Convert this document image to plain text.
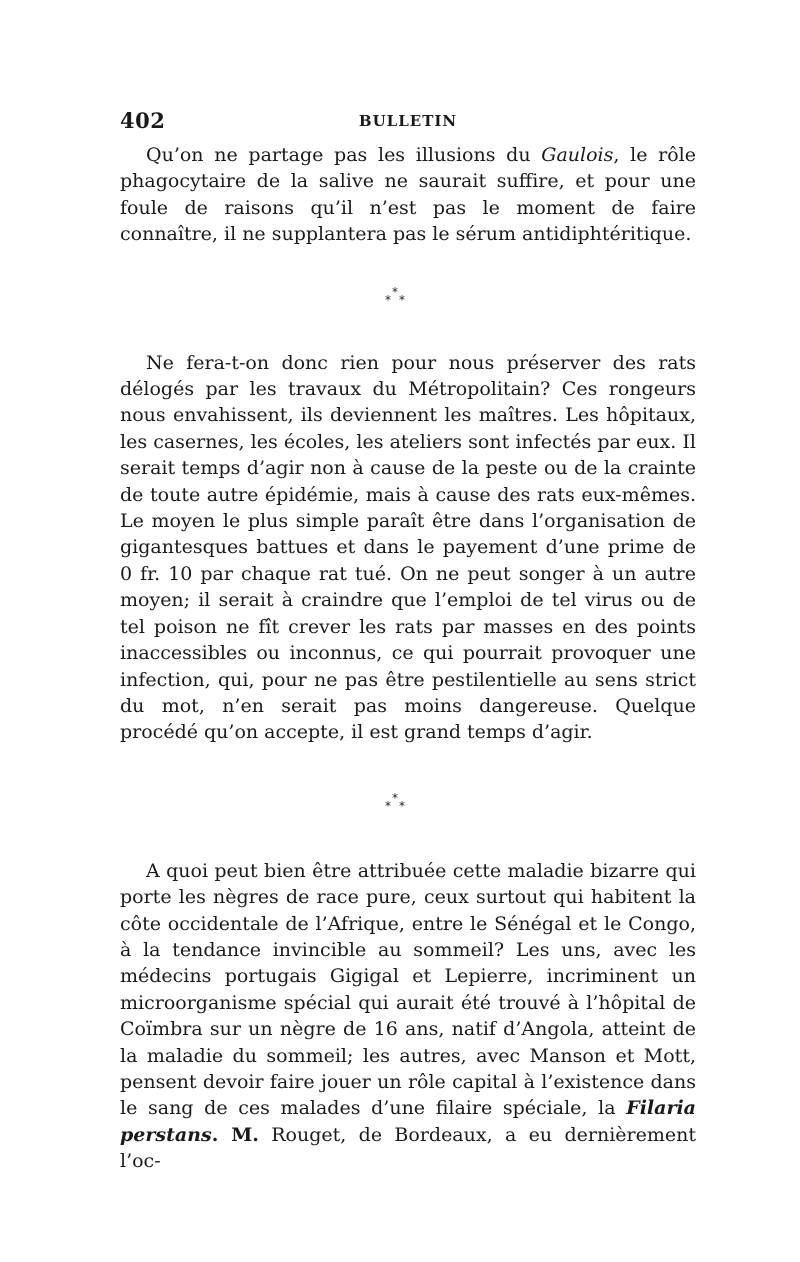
402	BULLETIN

Qu’on ne partage pas les illusions du Gaulois, le rôle phagocytaire de la salive ne saurait suffire, et pour une foule de raisons qu’il n’est pas le moment de faire connaître, il ne supplantera pas le sérum antidiphtéritique.

*
* *

Ne fera-t-on donc rien pour nous préserver des rats délogés par les travaux du Métropolitain? Ces rongeurs nous envahissent, ils deviennent les maîtres. Les hôpitaux, les casernes, les écoles, les ateliers sont infectés par eux. Il serait temps d’agir non à cause de la peste ou de la crainte de toute autre épidémie, mais à cause des rats eux-mêmes. Le moyen le plus simple paraît être dans l’organisation de gigantesques battues et dans le payement d’une prime de 0 fr. 10 par chaque rat tué. On ne peut songer à un autre moyen; il serait à craindre que l’emploi de tel virus ou de tel poison ne fît crever les rats par masses en des points inaccessibles ou inconnus, ce qui pourrait provoquer une infection, qui, pour ne pas être pestilentielle au sens strict du mot, n’en serait pas moins dangereuse. Quelque procédé qu’on accepte, il est grand temps d’agir.

*
* *

A quoi peut bien être attribuée cette maladie bizarre qui porte les nègres de race pure, ceux surtout qui habitent la côte occidentale de l’Afrique, entre le Sénégal et le Congo, à la tendance invincible au sommeil? Les uns, avec les médecins portugais Gigigal et Lepierre, incriminent un microorganisme spécial qui aurait été trouvé à l’hôpital de Coïmbra sur un nègre de 16 ans, natif d’Angola, atteint de la maladie du sommeil; les autres, avec Manson et Mott, pensent devoir faire jouer un rôle capital à l’existence dans le sang de ces malades d’une filaire spéciale, la Filaria perstans. M. Rouget, de Bordeaux, a eu dernièrement l’oc-
